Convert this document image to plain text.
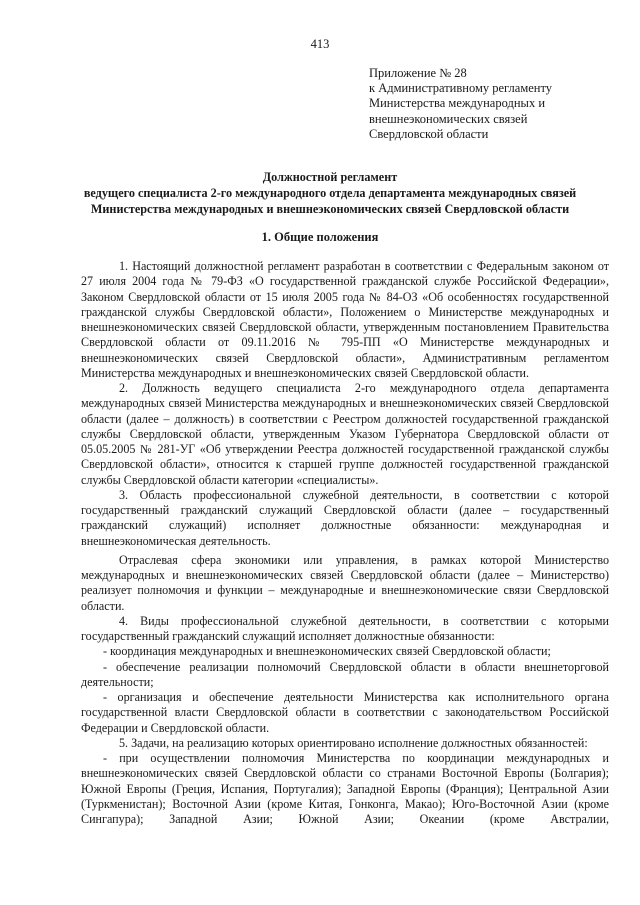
413
Приложение № 28
к Административному регламенту
Министерства международных и
внешнеэкономических связей
Свердловской области
Должностной регламент
ведущего специалиста 2-го международного отдела департамента международных связей
Министерства международных и внешнеэкономических связей Свердловской области
1. Общие положения

1. Настоящий должностной регламент разработан в соответствии с Федеральным законом от 27 июля 2004 года № 79-ФЗ «О государственной гражданской службе Российской Федерации», Законом Свердловской области от 15 июля 2005 года № 84-ОЗ «Об особенностях государственной гражданской службы Свердловской области», Положением о Министерстве международных и внешнеэкономических связей Свердловской области, утвержденным постановлением Правительства Свердловской области от 09.11.2016 № 795-ПП «О Министерстве международных и внешнеэкономических связей Свердловской области», Административным регламентом Министерства международных и внешнеэкономических связей Свердловской области.

2. Должность ведущего специалиста 2-го международного отдела департамента международных связей Министерства международных и внешнеэкономических связей Свердловской области (далее – должность) в соответствии с Реестром должностей государственной гражданской службы Свердловской области, утвержденным Указом Губернатора Свердловской области от 05.05.2005 № 281-УГ «Об утверждении Реестра должностей государственной гражданской службы Свердловской области», относится к старшей группе должностей государственной гражданской службы Свердловской области категории «специалисты».

3. Область профессиональной служебной деятельности, в соответствии с которой государственный гражданский служащий Свердловской области (далее – государственный гражданский служащий) исполняет должностные обязанности: международная и внешнеэкономическая деятельность.

Отраслевая сфера экономики или управления, в рамках которой Министерство международных и внешнеэкономических связей Свердловской области (далее – Министерство) реализует полномочия и функции – международные и внешнеэкономические связи Свердловской области.

4. Виды профессиональной служебной деятельности, в соответствии с которыми государственный гражданский служащий исполняет должностные обязанности:

- координация международных и внешнеэкономических связей Свердловской области;

- обеспечение реализации полномочий Свердловской области в области внешнеторговой деятельности;

- организация и обеспечение деятельности Министерства как исполнительного органа государственной власти Свердловской области в соответствии с законодательством Российской Федерации и Свердловской области.

5. Задачи, на реализацию которых ориентировано исполнение должностных обязанностей:

- при осуществлении полномочия Министерства по координации международных и внешнеэкономических связей Свердловской области со странами Восточной Европы (Болгария); Южной Европы (Греция, Испания, Португалия); Западной Европы (Франция); Центральной Азии (Туркменистан); Восточной Азии (кроме Китая, Гонконга, Макао); Юго-Восточной Азии (кроме Сингапура); Западной Азии; Южной Азии; Океании (кроме Австралии,
